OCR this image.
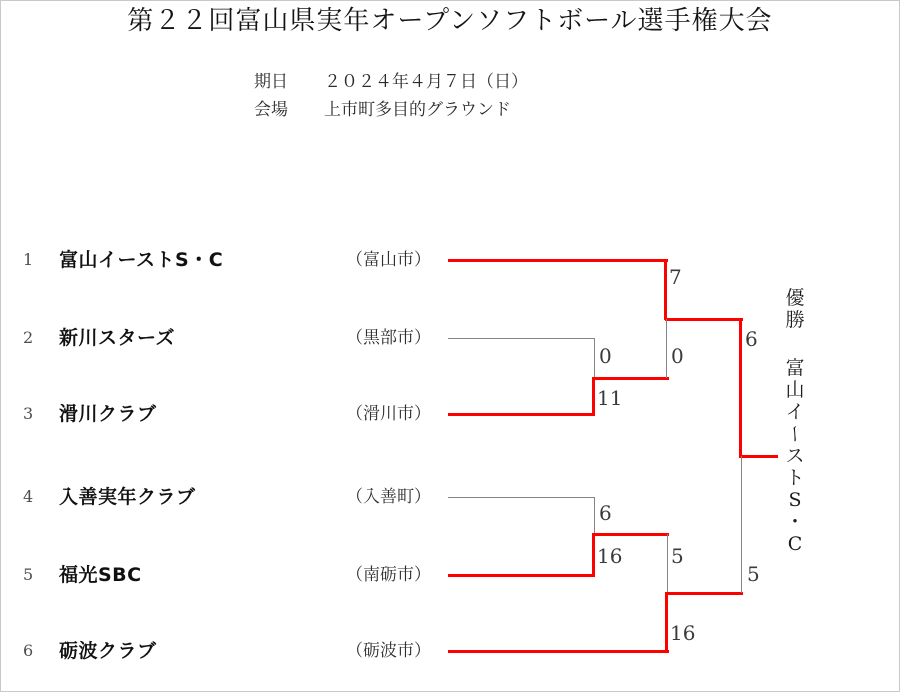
第２２回富山県実年オープンソフトボール選手権大会
期日 ２０２４年４月７日（日）
会場 上市町多目的グラウンド
1 富山イーストS・C	（富山市）
2 新川スターズ	（黒部市）
3 滑川クラブ	（滑川市）
4 入善実年クラブ	（入善町）
5 福光SBC	（南砺市）
6 砺波クラブ	（砺波市）
7
0	0
11
6
6
16 5
16
5
優
勝
富
山
イ
ー
ス
ト
S
・
C
